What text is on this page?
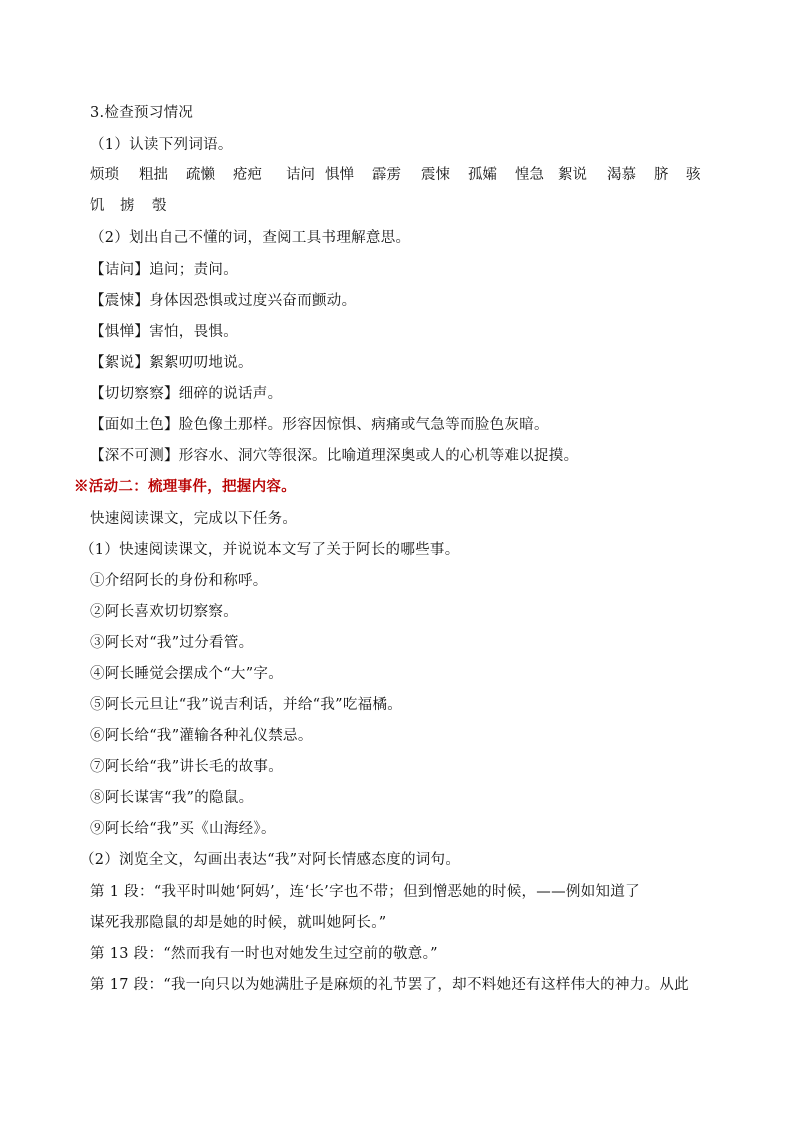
3.检查预习情况
（1）认读下列词语。
烦琐 粗拙 疏懒 疮疤 诘问 惧惮 霹雳 震悚 孤孀 惶急 絮说 渴慕 脐 骇
饥 掳 彀
（2）划出自己不懂的词，查阅工具书理解意思。
【诘问】追问；责问。
【震悚】身体因恐惧或过度兴奋而颤动。
【惧惮】害怕，畏惧。
【絮说】絮絮叨叨地说。
【切切察察】细碎的说话声。
【面如土色】脸色像土那样。形容因惊惧、病痛或气急等而脸色灰暗。
【深不可测】形容水、洞穴等很深。比喻道理深奥或人的心机等难以捉摸。
※活动二：梳理事件，把握内容。
快速阅读课文，完成以下任务。
（1）快速阅读课文，并说说本文写了关于阿长的哪些事。
①介绍阿长的身份和称呼。
②阿长喜欢切切察察。
③阿长对“我”过分看管。
④阿长睡觉会摆成个“大”字。
⑤阿长元旦让“我”说吉利话，并给“我”吃福橘。
⑥阿长给“我”灌输各种礼仪禁忌。
⑦阿长给“我”讲长毛的故事。
⑧阿长谋害“我”的隐鼠。
⑨阿长给“我”买《山海经》。
（2）浏览全文，勾画出表达“我”对阿长情感态度的词句。
第 1 段：“我平时叫她‘阿妈’，连‘长’字也不带；但到憎恶她的时候，——例如知道了
谋死我那隐鼠的却是她的时候，就叫她阿长。”
第 13 段：“然而我有一时也对她发生过空前的敬意。”
第 17 段：“我一向只以为她满肚子是麻烦的礼节罢了，却不料她还有这样伟大的神力。从此
